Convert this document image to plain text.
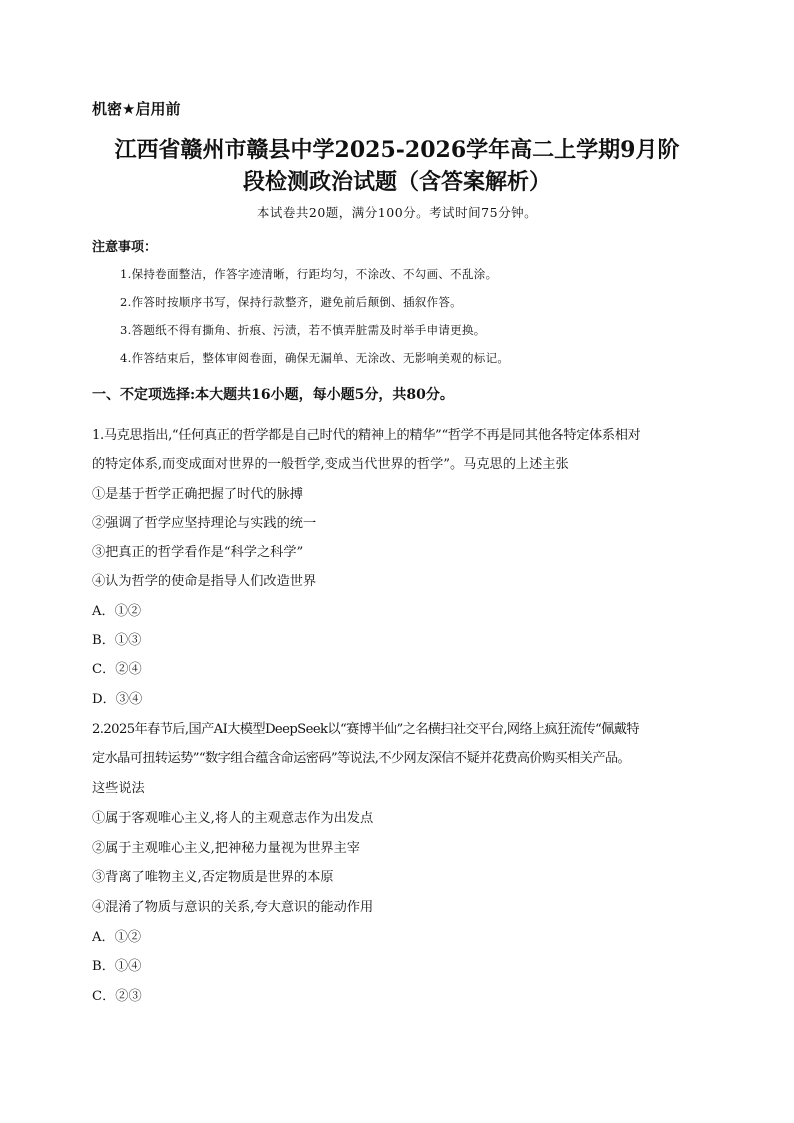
机密★启用前
江西省赣州市赣县中学2025-2026学年高二上学期9月阶
段检测政治试题（含答案解析）
本试卷共20题，满分100分。考试时间75分钟。
注意事项：
1.保持卷面整洁，作答字迹清晰，行距均匀，不涂改、不勾画、不乱涂。
2.作答时按顺序书写，保持行款整齐，避免前后颠倒、插叙作答。
3.答题纸不得有撕角、折痕、污渍，若不慎弄脏需及时举手申请更换。
4.作答结束后，整体审阅卷面，确保无漏单、无涂改、无影响美观的标记。
一、不定项选择:本大题共16小题，每小题5分，共80分。
1.马克思指出,“任何真正的哲学都是自己时代的精神上的精华”“哲学不再是同其他各特定体系相对
的特定体系,而变成面对世界的一般哲学,变成当代世界的哲学”。马克思的上述主张
①是基于哲学正确把握了时代的脉搏
②强调了哲学应坚持理论与实践的统一
③把真正的哲学看作是“科学之科学”
④认为哲学的使命是指导人们改造世界
A．①②
B．①③
C．②④
D．③④
2.2025年春节后,国产AI大模型DeepSeek以“赛博半仙”之名横扫社交平台,网络上疯狂流传“佩戴特
定水晶可扭转运势”“数字组合蕴含命运密码”等说法,不少网友深信不疑并花费高价购买相关产品。
这些说法
①属于客观唯心主义,将人的主观意志作为出发点
②属于主观唯心主义,把神秘力量视为世界主宰
③背离了唯物主义,否定物质是世界的本原
④混淆了物质与意识的关系,夸大意识的能动作用
A．①②
B．①④
C．②③
